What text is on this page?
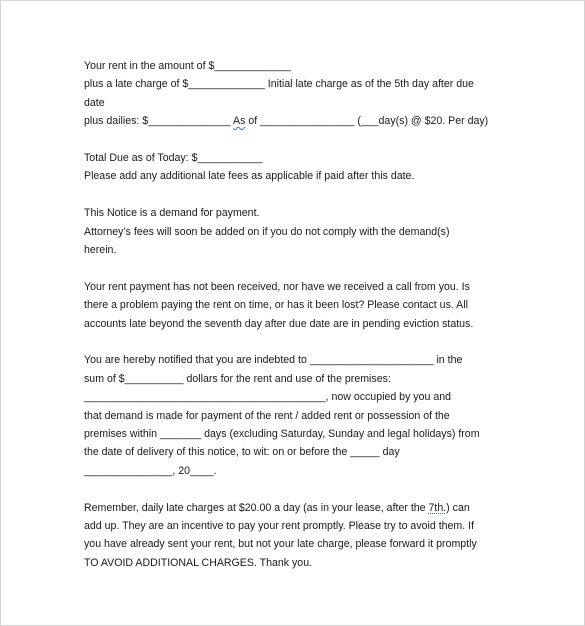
Your rent in the amount of $_____________
plus a late charge of $_____________ Initial late charge as of the 5th day after due
date
plus dailies: $______________ As of ________________ (___day(s) @ $20. Per day)
Total Due as of Today: $___________
Please add any additional late fees as applicable if paid after this date.
This Notice is a demand for payment.
Attorney’s fees will soon be added on if you do not comply with the demand(s)
herein.
Your rent payment has not been received, nor have we received a call from you. Is
there a problem paying the rent on time, or has it been lost? Please contact us. All
accounts late beyond the seventh day after due date are in pending eviction status.
You are hereby notified that you are indebted to _____________________ in the
sum of $__________ dollars for the rent and use of the premises:
_________________________________________, now occupied by you and
that demand is made for payment of the rent / added rent or possession of the
premises within _______ days (excluding Saturday, Sunday and legal holidays) from
the date of delivery of this notice, to wit: on or before the _____ day
_______________, 20____.
Remember, daily late charges at $20.00 a day (as in your lease, after the 7th.) can
add up. They are an incentive to pay your rent promptly. Please try to avoid them. If
you have already sent your rent, but not your late charge, please forward it promptly
TO AVOID ADDITIONAL CHARGES. Thank you.
